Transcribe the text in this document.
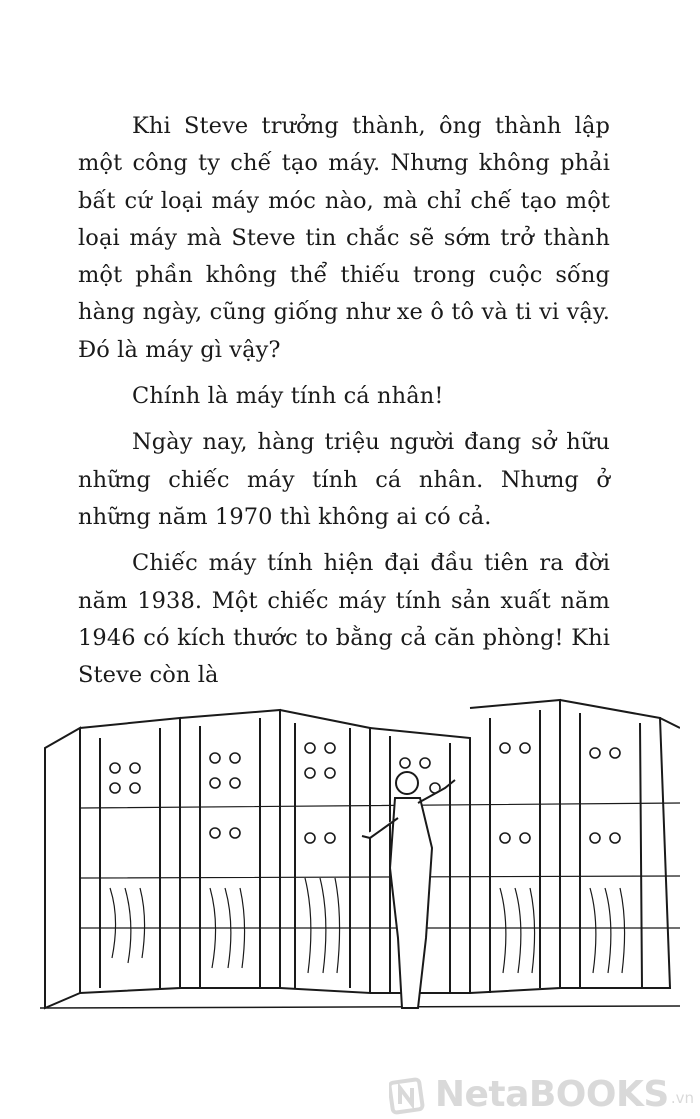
Khi Steve trưởng thành, ông thành lập một công ty chế tạo máy. Nhưng không phải bất cứ loại máy móc nào, mà chỉ chế tạo một loại máy mà Steve tin chắc sẽ sớm trở thành một phần không thể thiếu trong cuộc sống hàng ngày, cũng giống như xe ô tô và ti vi vậy. Đó là máy gì vậy?

Chính là máy tính cá nhân!

Ngày nay, hàng triệu người đang sở hữu những chiếc máy tính cá nhân. Nhưng ở những năm 1970 thì không ai có cả.

Chiếc máy tính hiện đại đầu tiên ra đời năm 1938. Một chiếc máy tính sản xuất năm 1946 có kích thước to bằng cả căn phòng! Khi Steve còn là

NetaBOOKS .vn
